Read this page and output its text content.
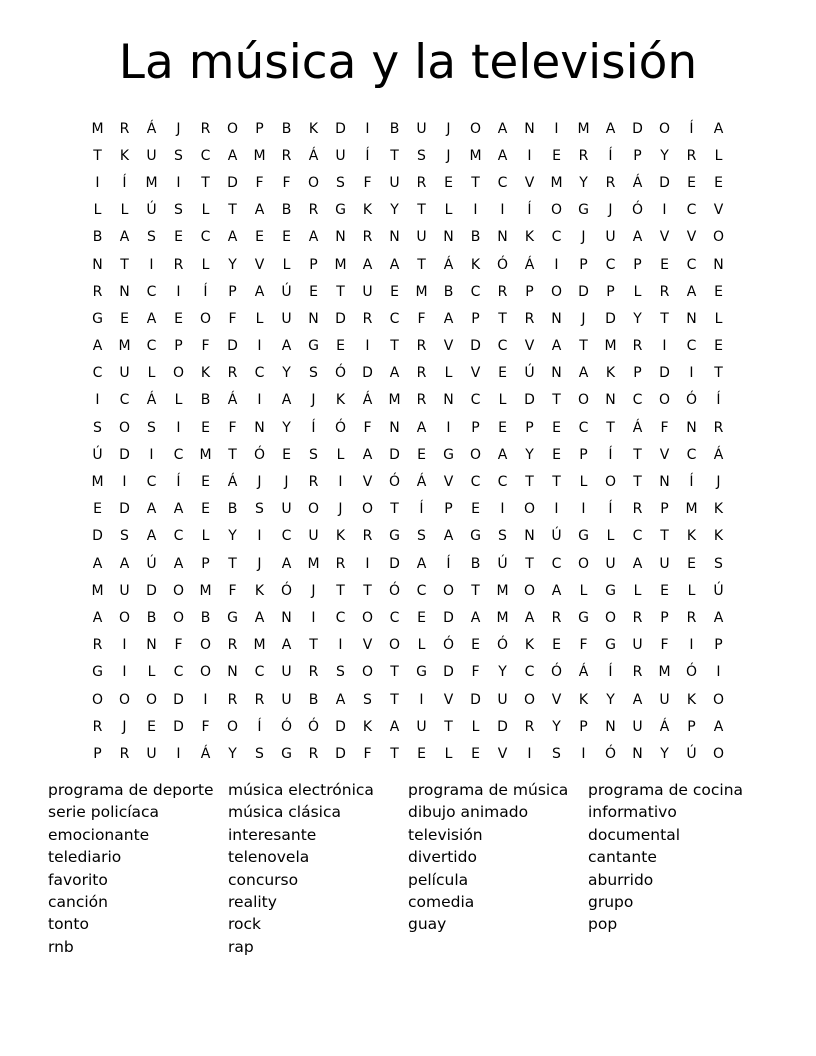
La música y la televisión
M	R	Á	J	R	O	P	B	K	D	I	B	U	J	O	A	N	I	M	A	D	O	Í	A
T	K	U	S	C	A	M	R	Á	U	Í	T	S	J	M	A	I	E	R	Í	P	Y	R	L
I	Í	M	I	T	D	F	F	O	S	F	U	R	E	T	C	V	M	Y	R	Á	D	E	E
L	L	Ú	S	L	T	A	B	R	G	K	Y	T	L	I	I	Í	O	G	J	Ó	I	C	V
B	A	S	E	C	A	E	E	A	N	R	N	U	N	B	N	K	C	J	U	A	V	V	O
N	T	I	R	L	Y	V	L	P	M	A	A	T	Á	K	Ó	Á	I	P	C	P	E	C	N
R	N	C	I	Í	P	A	Ú	E	T	U	E	M	B	C	R	P	O	D	P	L	R	A	E
G	E	A	E	O	F	L	U	N	D	R	C	F	A	P	T	R	N	J	D	Y	T	N	L
A	M	C	P	F	D	I	A	G	E	I	T	R	V	D	C	V	A	T	M	R	I	C	E
C	U	L	O	K	R	C	Y	S	Ó	D	A	R	L	V	E	Ú	N	A	K	P	D	I	T
I	C	Á	L	B	Á	I	A	J	K	Á	M	R	N	C	L	D	T	O	N	C	O	Ó	Í
S	O	S	I	E	F	N	Y	Í	Ó	F	N	A	I	P	E	P	E	C	T	Á	F	N	R
Ú	D	I	C	M	T	Ó	E	S	L	A	D	E	G	O	A	Y	E	P	Í	T	V	C	Á
M	I	C	Í	E	Á	J	J	R	I	V	Ó	Á	V	C	C	T	T	L	O	T	N	Í	J
E	D	A	A	E	B	S	U	O	J	O	T	Í	P	E	I	O	I	I	Í	R	P	M	K
D	S	A	C	L	Y	I	C	U	K	R	G	S	A	G	S	N	Ú	G	L	C	T	K	K
A	A	Ú	A	P	T	J	A	M	R	I	D	A	Í	B	Ú	T	C	O	U	A	U	E	S
M	U	D	O	M	F	K	Ó	J	T	T	Ó	C	O	T	M	O	A	L	G	L	E	L	Ú
A	O	B	O	B	G	A	N	I	C	O	C	E	D	A	M	A	R	G	O	R	P	R	A
R	I	N	F	O	R	M	A	T	I	V	O	L	Ó	E	Ó	K	E	F	G	U	F	I	P
G	I	L	C	O	N	C	U	R	S	O	T	G	D	F	Y	C	Ó	Á	Í	R	M	Ó	I
O	O	O	D	I	R	R	U	B	A	S	T	I	V	D	U	O	V	K	Y	A	U	K	O
R	J	E	D	F	O	Í	Ó	Ó	D	K	A	U	T	L	D	R	Y	P	N	U	Á	P	A
P	R	U	I	Á	Y	S	G	R	D	F	T	E	L	E	V	I	S	I	Ó	N	Y	Ú	O
programa de deporte
serie policíaca
emocionante
telediario
favorito
canción
tonto
rnb
música electrónica
música clásica
interesante
telenovela
concurso
reality
rock
rap
programa de música
dibujo animado
televisión
divertido
película
comedia
guay
programa de cocina
informativo
documental
cantante
aburrido
grupo
pop
